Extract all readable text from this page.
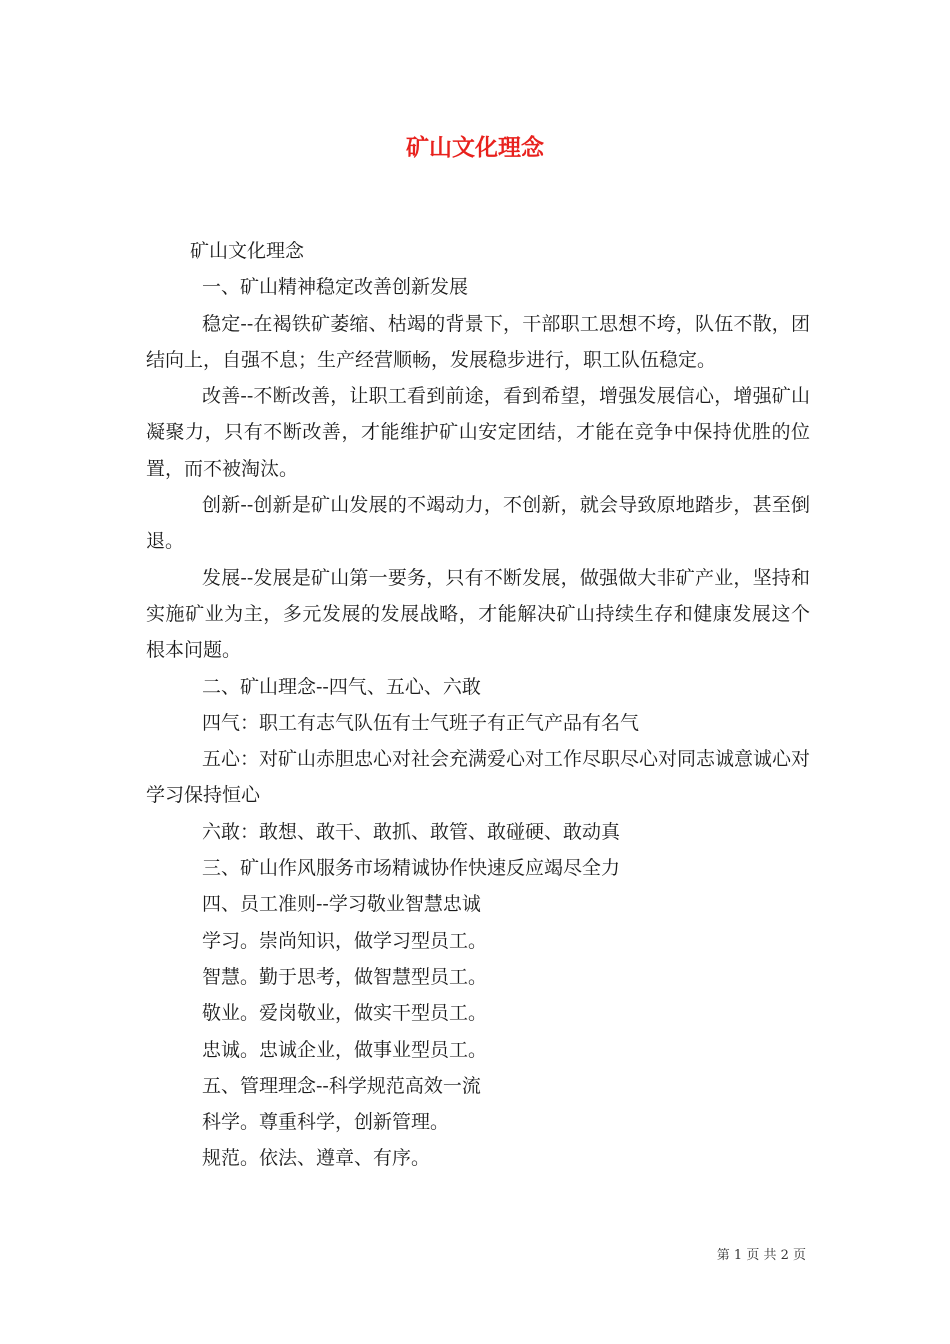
矿山文化理念

矿山文化理念

一、矿山精神稳定改善创新发展

稳定--在褐铁矿萎缩、枯竭的背景下，干部职工思想不垮，队伍不散，团结向上，自强不息；生产经营顺畅，发展稳步进行，职工队伍稳定。

改善--不断改善，让职工看到前途，看到希望，增强发展信心，增强矿山凝聚力，只有不断改善，才能维护矿山安定团结，才能在竞争中保持优胜的位置，而不被淘汰。

创新--创新是矿山发展的不竭动力，不创新，就会导致原地踏步，甚至倒退。

发展--发展是矿山第一要务，只有不断发展，做强做大非矿产业，坚持和实施矿业为主，多元发展的发展战略，才能解决矿山持续生存和健康发展这个根本问题。

二、矿山理念--四气、五心、六敢

四气：职工有志气队伍有士气班子有正气产品有名气

五心：对矿山赤胆忠心对社会充满爱心对工作尽职尽心对同志诚意诚心对学习保持恒心

六敢：敢想、敢干、敢抓、敢管、敢碰硬、敢动真

三、矿山作风服务市场精诚协作快速反应竭尽全力

四、员工准则--学习敬业智慧忠诚

学习。崇尚知识，做学习型员工。

智慧。勤于思考，做智慧型员工。

敬业。爱岗敬业，做实干型员工。

忠诚。忠诚企业，做事业型员工。

五、管理理念--科学规范高效一流

科学。尊重科学，创新管理。

规范。依法、遵章、有序。

第 1 页 共 2 页
